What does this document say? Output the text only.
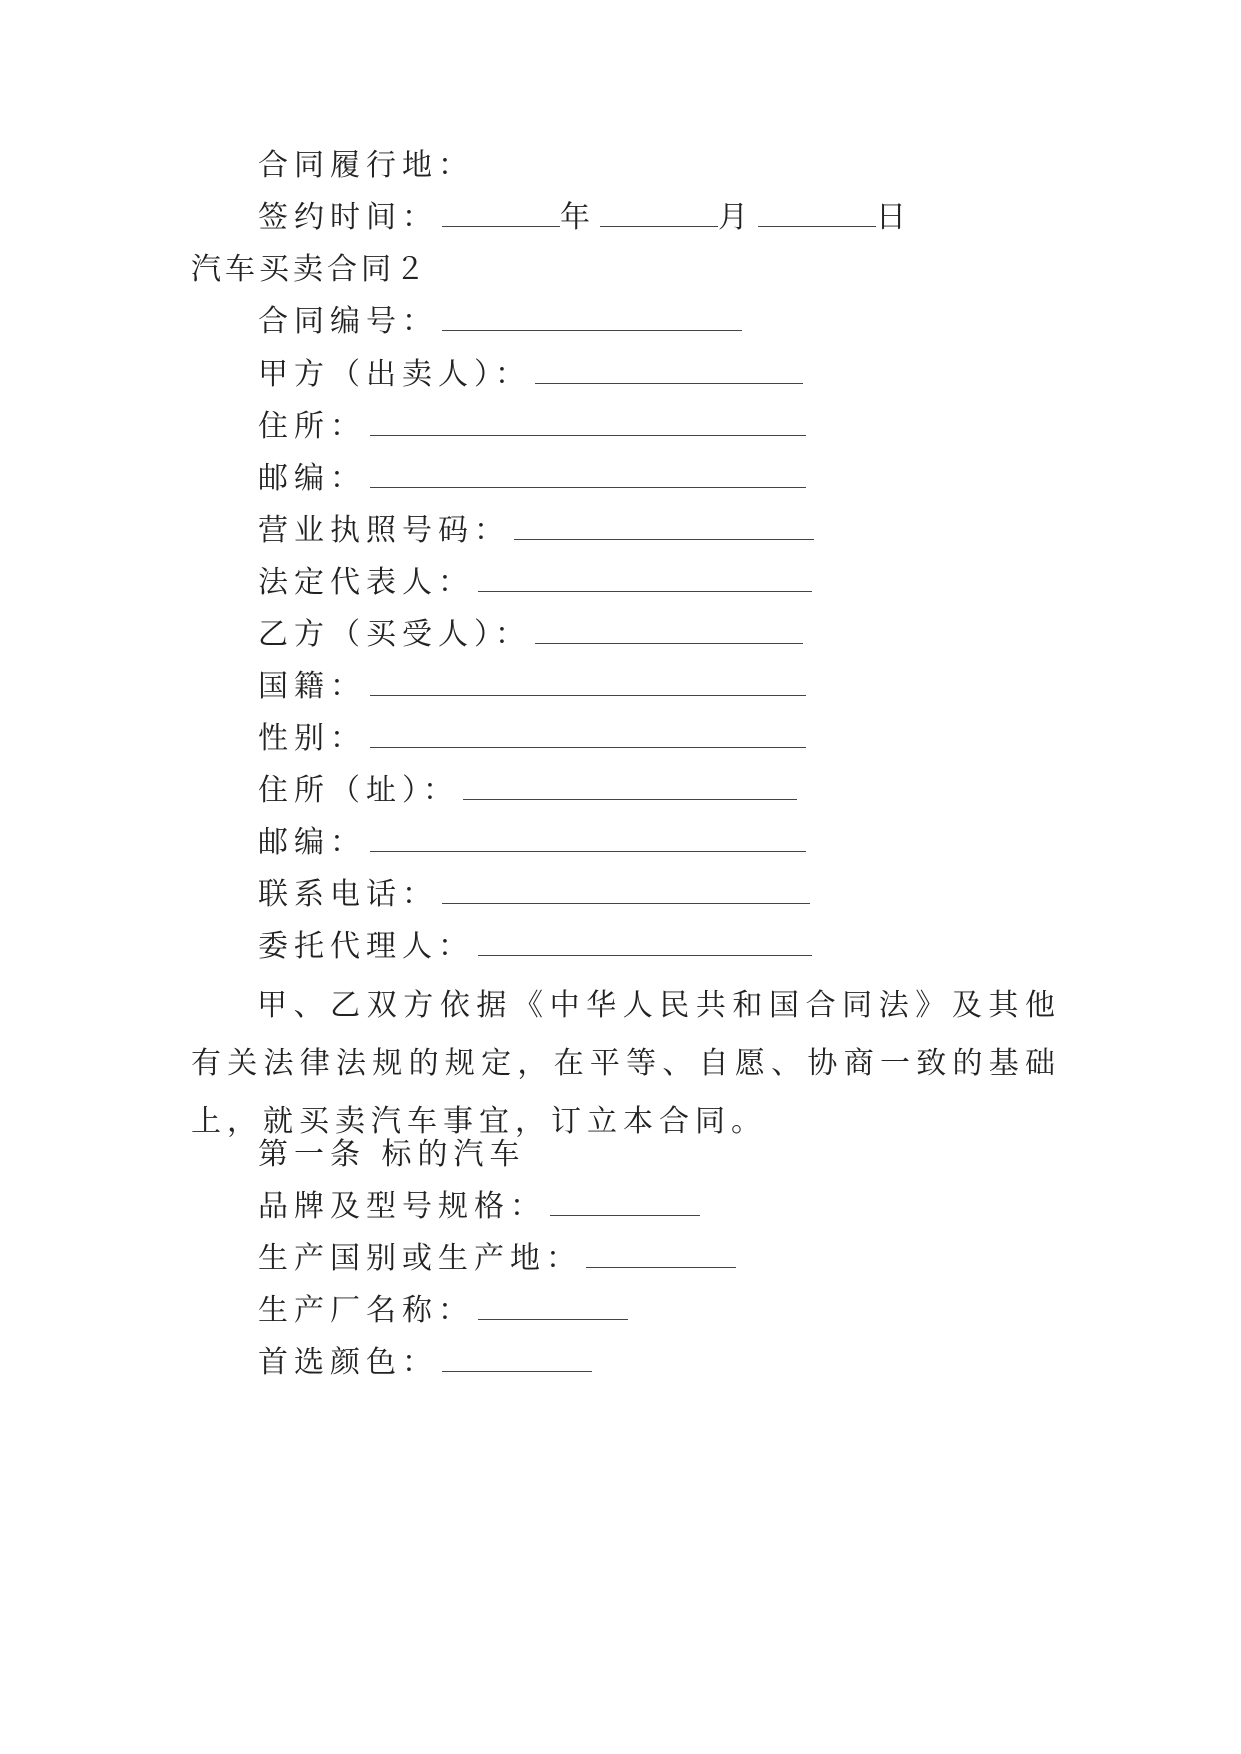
合同履行地：
签约时间：	年	月	日
汽车买卖合同２
合同编号：
甲方（出卖人）：
住所：
邮编：
营业执照号码：
法定代表人：
乙方（买受人）：
国籍：
性别：
住所（址）：
邮编：
联系电话：
委托代理人：
甲、乙双方依据《中华人民共和国合同法》及其他有关法律法规的规定，在平等、自愿、协商一致的基础上，就买卖汽车事宜，订立本合同。
第一条 标的汽车
品牌及型号规格：
生产国别或生产地：
生产厂名称：
首选颜色：
